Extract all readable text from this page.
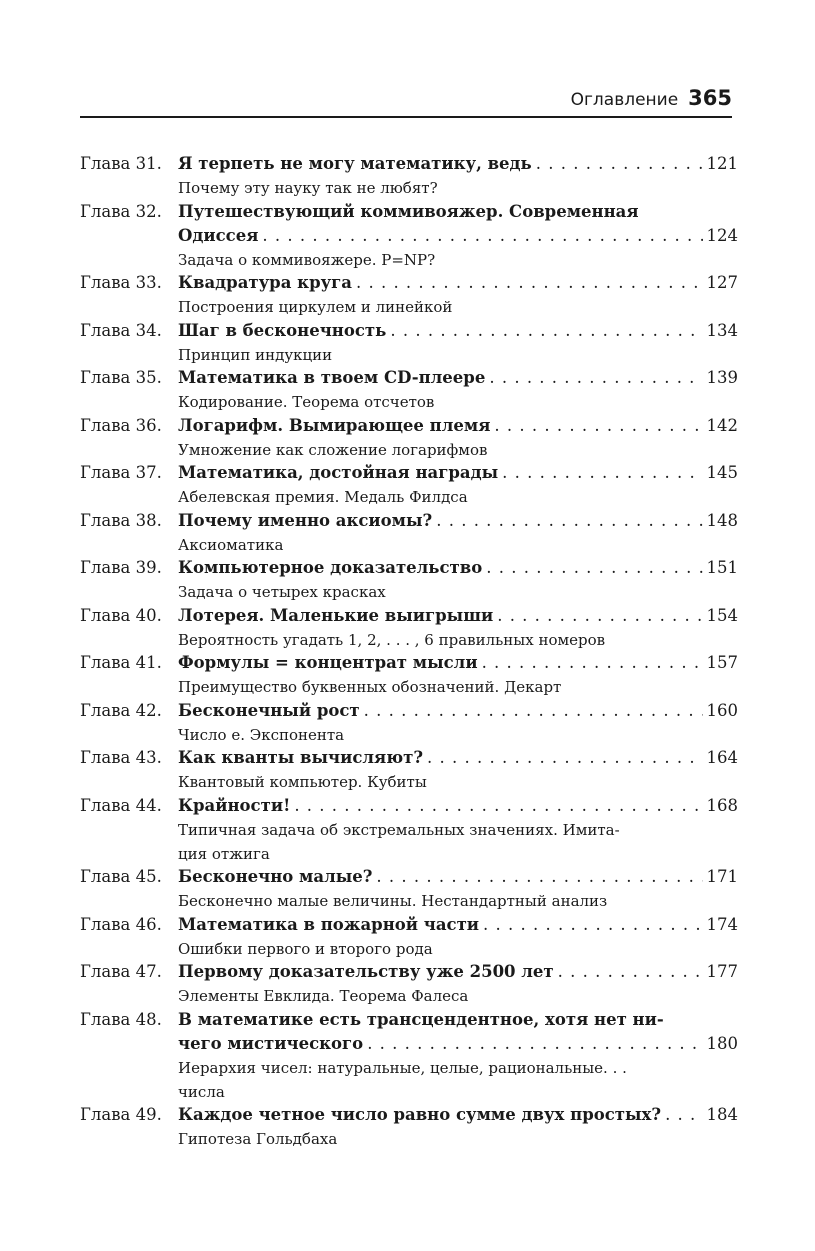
Оглавление 365
Глава 31. Я терпеть не могу математику, ведь . . .	121
Почему эту науку так не любят?
Глава 32. Путешествующий коммивояжер. Современная
Одиссея . . .	124
Задача о коммивояжере. P=NP?
Глава 33. Квадратура круга . . .	127
Построения циркулем и линейкой
Глава 34. Шаг в бесконечность . . .	134
Принцип индукции
Глава 35. Математика в твоем CD-плеере . . .	139
Кодирование. Теорема отсчетов
Глава 36. Логарифм. Вымирающее племя . . .	142
Умножение как сложение логарифмов
Глава 37. Математика, достойная награды . . .	145
Абелевская премия. Медаль Филдса
Глава 38. Почему именно аксиомы? . . .	148
Аксиоматика
Глава 39. Компьютерное доказательство . . .	151
Задача о четырех красках
Глава 40. Лотерея. Маленькие выигрыши . . .	154
Вероятность угадать 1, 2, . . . , 6 правильных номеров
Глава 41. Формулы = концентрат мысли . . .	157
Преимущество буквенных обозначений. Декарт
Глава 42. Бесконечный рост . . .	160
Число e. Экспонента
Глава 43. Как кванты вычисляют? . . .	164
Квантовый компьютер. Кубиты
Глава 44. Крайности! . . .	168
Типичная задача об экстремальных значениях. Имита-
ция отжига
Глава 45. Бесконечно малые? . . .	171
Бесконечно малые величины. Нестандартный анализ
Глава 46. Математика в пожарной части . . .	174
Ошибки первого и второго рода
Глава 47. Первому доказательству уже 2500 лет . . .	177
Элементы Евклида. Теорема Фалеса
Глава 48. В математике есть трансцендентное, хотя нет ни-
чего мистического . . .	180
Иерархия чисел: натуральные, целые, рациональные. . .
числа
Глава 49. Каждое четное число равно сумме двух простых? . . .	184
Гипотеза Гольдбаха
